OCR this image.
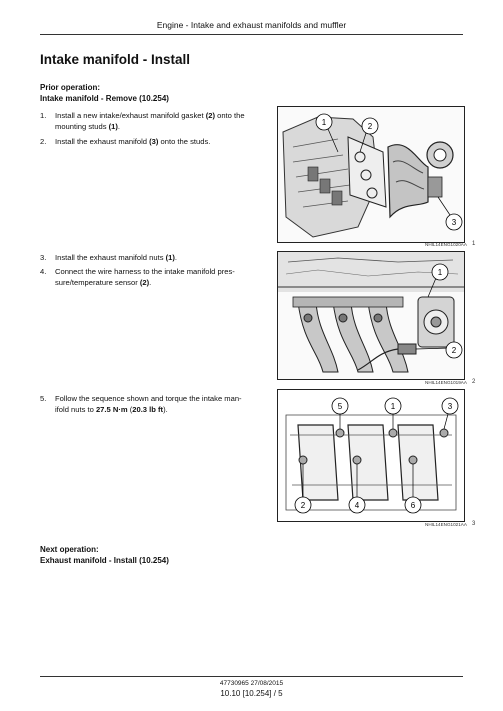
Engine - Intake and exhaust manifolds and muffler
Intake manifold - Install
Prior operation:
Intake manifold - Remove (10.254)
1. Install a new intake/exhaust manifold gasket (2) onto the mounting studs (1).
2. Install the exhaust manifold (3) onto the studs.
3. Install the exhaust manifold nuts (1).
4. Connect the wire harness to the intake manifold pres-
sure/temperature sensor (2).
5. Follow the sequence shown and torque the intake man-
ifold nuts to 27.5 N·m (20.3 lb ft).
1	2
3
NHIL14ENG1020AA 1
1
2
NHIL14ENG1019AA 2
5	1	3
2	4	6
NHIL14ENG1021AA 3
Next operation:
Exhaust manifold - Install (10.254)
47730965 27/08/2015
10.10 [10.254] / 5
